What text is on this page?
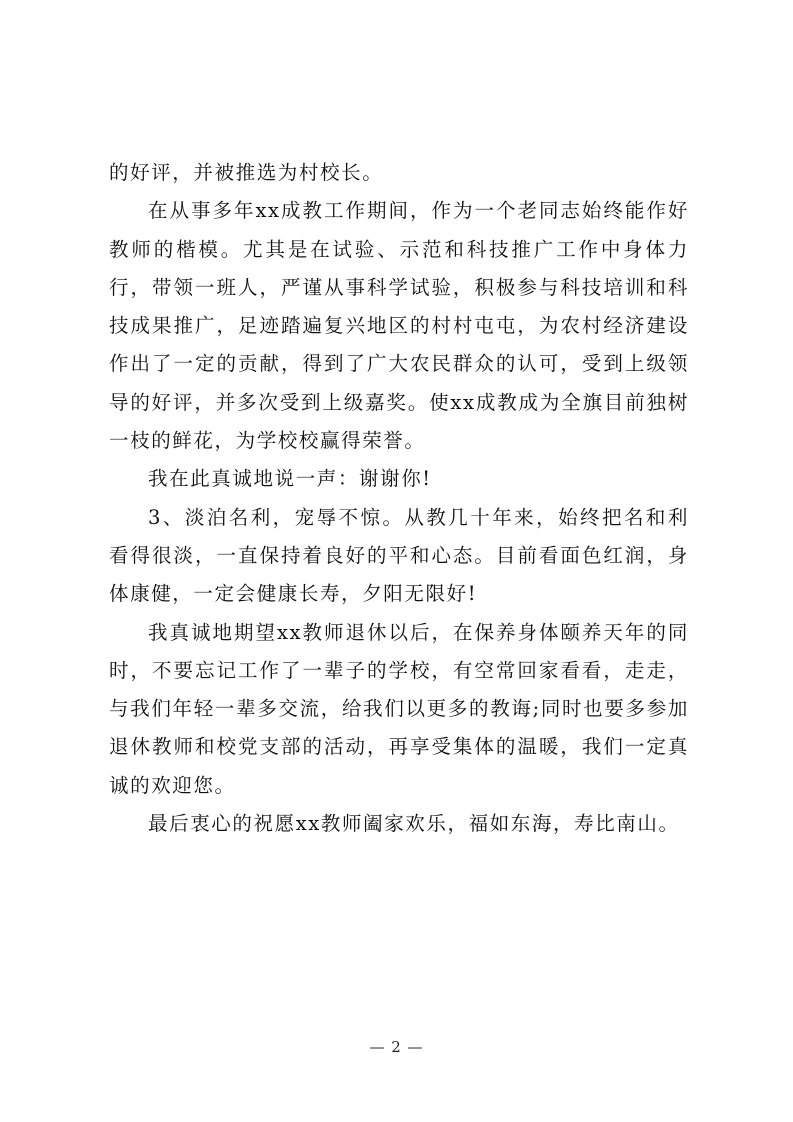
的好评，并被推选为村校长。

在从事多年xx成教工作期间，作为一个老同志始终能作好教师的楷模。尤其是在试验、示范和科技推广工作中身体力行，带领一班人，严谨从事科学试验，积极参与科技培训和科技成果推广，足迹踏遍复兴地区的村村屯屯，为农村经济建设作出了一定的贡献，得到了广大农民群众的认可，受到上级领导的好评，并多次受到上级嘉奖。使xx成教成为全旗目前独树一枝的鲜花，为学校校赢得荣誉。

我在此真诚地说一声：谢谢你!

3、淡泊名利，宠辱不惊。从教几十年来，始终把名和利看得很淡，一直保持着良好的平和心态。目前看面色红润，身体康健，一定会健康长寿，夕阳无限好!

我真诚地期望xx教师退休以后，在保养身体颐养天年的同时，不要忘记工作了一辈子的学校，有空常回家看看，走走，与我们年轻一辈多交流，给我们以更多的教诲;同时也要多参加退休教师和校党支部的活动，再享受集体的温暖，我们一定真诚的欢迎您。

最后衷心的祝愿xx教师阖家欢乐，福如东海，寿比南山。

— 2 —
